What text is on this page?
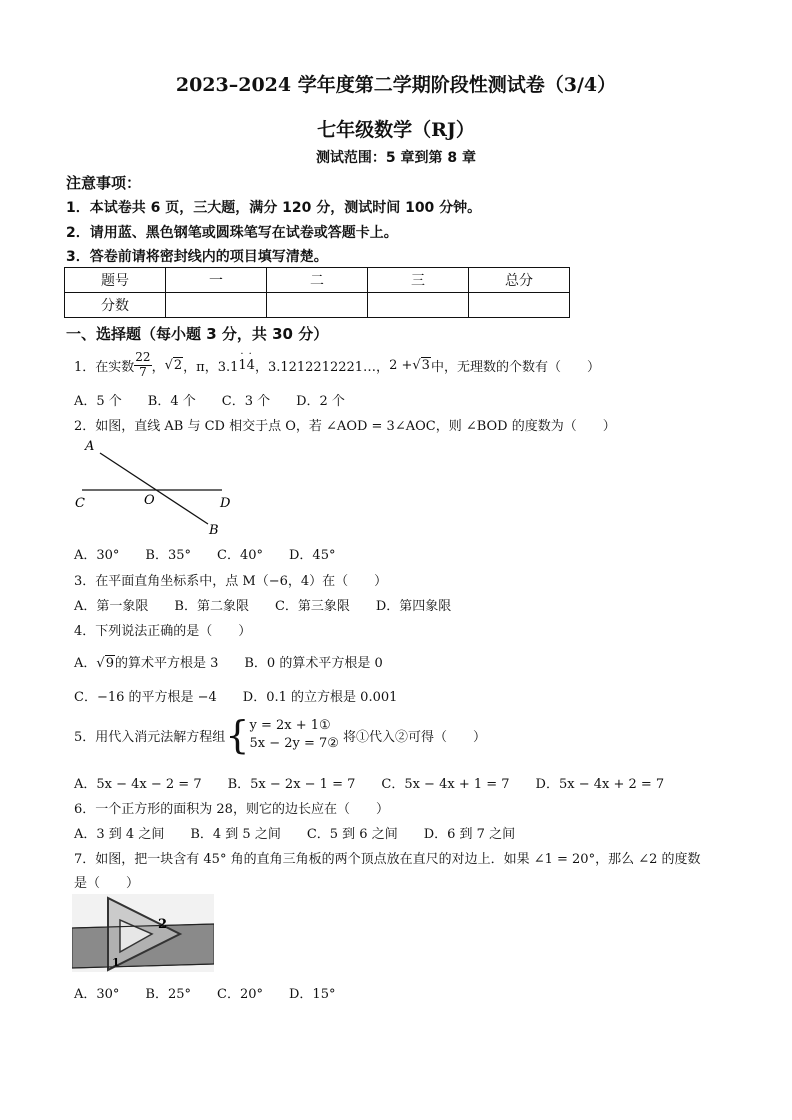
2023–2024 学年度第二学期阶段性测试卷（3/4）
七年级数学（RJ）
测试范围：5 章到第 8 章
注意事项：
1．本试卷共 6 页，三大题，满分 120 分，测试时间 100 分钟。
2．请用蓝、黑色钢笔或圆珠笔写在试卷或答题卡上。
3．答卷前请将密封线内的项目填写清楚。
题号	一	二	三	总分
分数				
一、选择题（每小题 3 分，共 30 分）
1．在实数 $\frac{22}{7}$ ， √2 ，π，3.1 1
·
4
·
，3.1212212221…， 2 + √3 中，无理数的个数有（　　）
A．5 个　　B．4 个　　C．3 个　　D．2 个
2．如图，直线 AB 与 CD 相交于点 O，若 ∠AOD = 3∠AOC，则 ∠BOD 的度数为（　　）
A
C	O	D
B
A．30°　　B．35°　　C．40°　　D．45°
3．在平面直角坐标系中，点 M（−6，4）在（　　）
A．第一象限　　B．第二象限　　C．第三象限　　D．第四象限
4．下列说法正确的是（　　）
A．√9的算术平方根是 3　　B．0 的算术平方根是 0
C．−16 的平方根是 −4　　D．0.1 的立方根是 0.001
5．用代入消元法解方程组 { y = 2x + 1①
5x − 2y = 7② 将①代入②可得（　　）
A．5x − 4x − 2 = 7　　B．5x − 2x − 1 = 7　　C．5x − 4x + 1 = 7　　D．5x − 4x + 2 = 7
6．一个正方形的面积为 28，则它的边长应在（　　）
A．3 到 4 之间　　B．4 到 5 之间　　C．5 到 6 之间　　D．6 到 7 之间
7．如图，把一块含有 45° 角的直角三角板的两个顶点放在直尺的对边上．如果 ∠1 = 20°，那么 ∠2 的度数
是（　　）
2
1
A．30°　　B．25°　　C．20°　　D．15°
